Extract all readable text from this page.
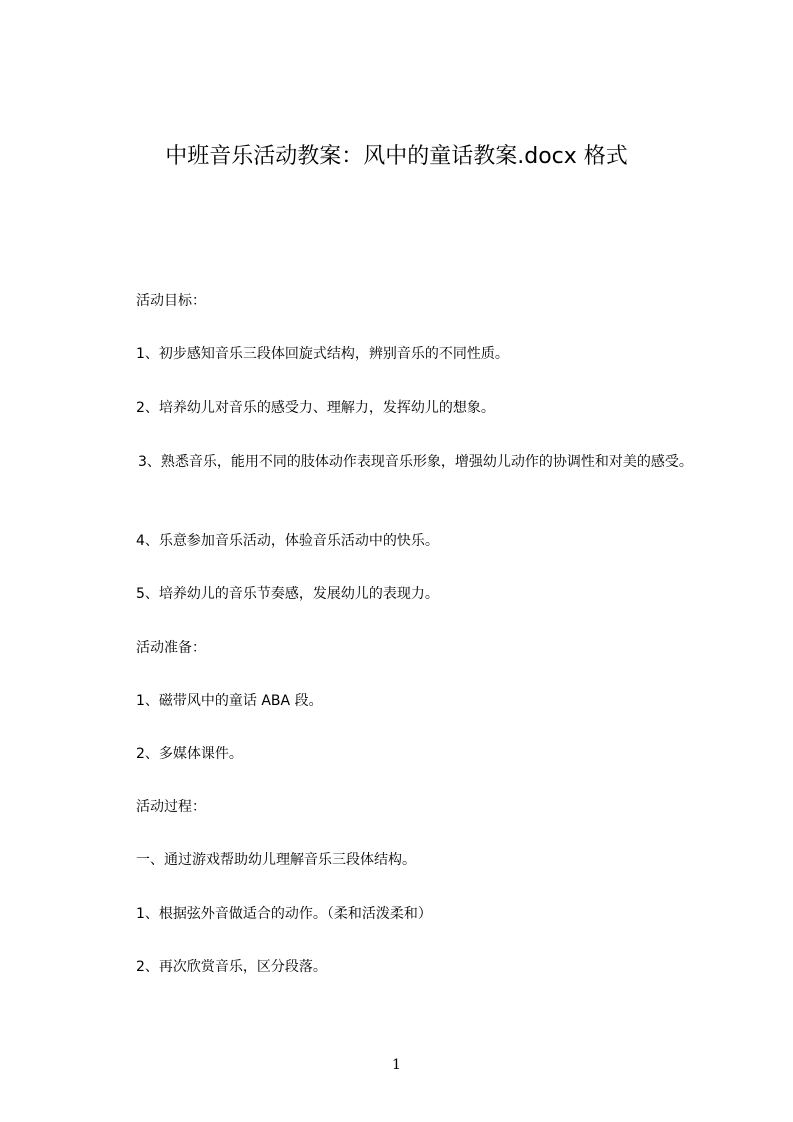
中班音乐活动教案：风中的童话教案.docx 格式
活动目标：
1、初步感知音乐三段体回旋式结构，辨别音乐的不同性质。
2、培养幼儿对音乐的感受力、理解力，发挥幼儿的想象。
3、熟悉音乐，能用不同的肢体动作表现音乐形象，增强幼儿动作的协调性和对美的感受。
4、乐意参加音乐活动，体验音乐活动中的快乐。
5、培养幼儿的音乐节奏感，发展幼儿的表现力。
活动准备：
1、磁带风中的童话 ABA 段。
2、多媒体课件。
活动过程：
一、通过游戏帮助幼儿理解音乐三段体结构。
1、根据弦外音做适合的动作。（柔和活泼柔和）
2、再次欣赏音乐，区分段落。
1
